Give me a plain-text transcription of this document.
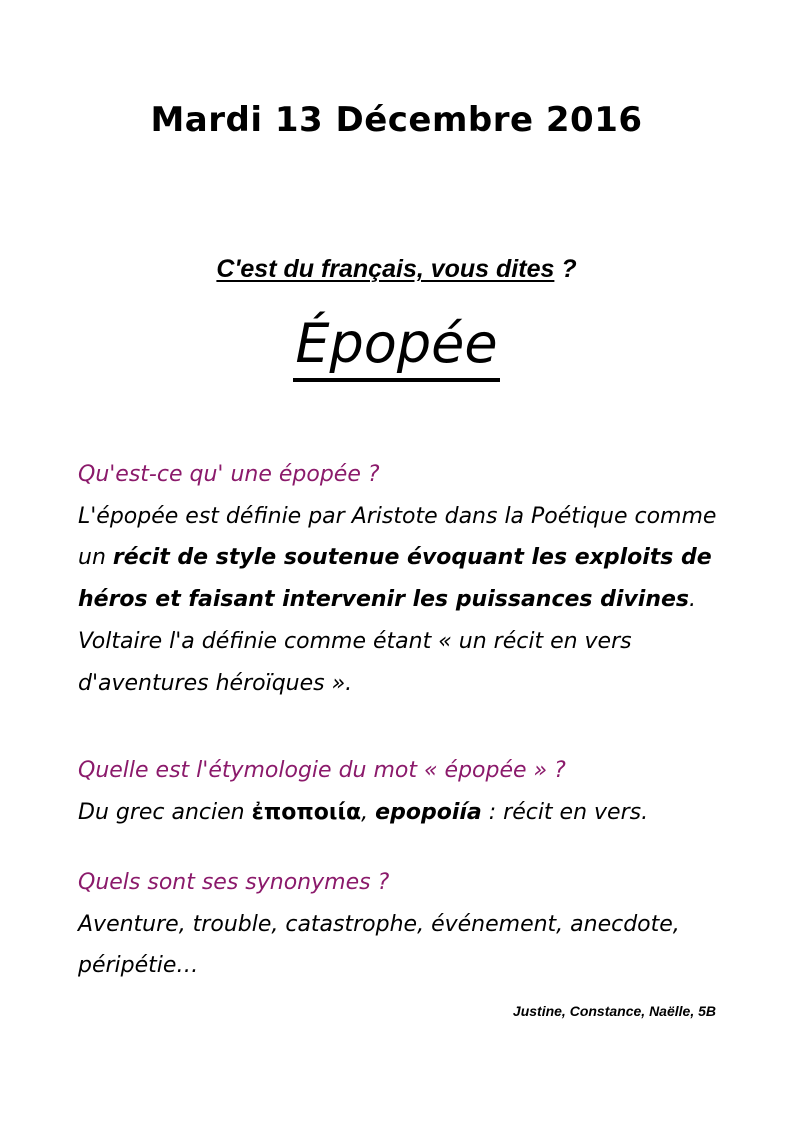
Mardi 13 Décembre 2016
C'est du français, vous dites ?
Épopée
Qu'est-ce qu' une épopée ?
L'épopée est définie par Aristote dans la Poétique comme un récit de style soutenue évoquant les exploits de héros et faisant intervenir les puissances divines. Voltaire l'a définie comme étant « un récit en vers d'aventures héroïques ».
Quelle est l'étymologie du mot « épopée » ?
Du grec ancien ἐποποιία, epopoiía : récit en vers.
Quels sont ses synonymes ?
Aventure, trouble, catastrophe, événement, anecdote, péripétie…
Justine, Constance, Naëlle, 5B
